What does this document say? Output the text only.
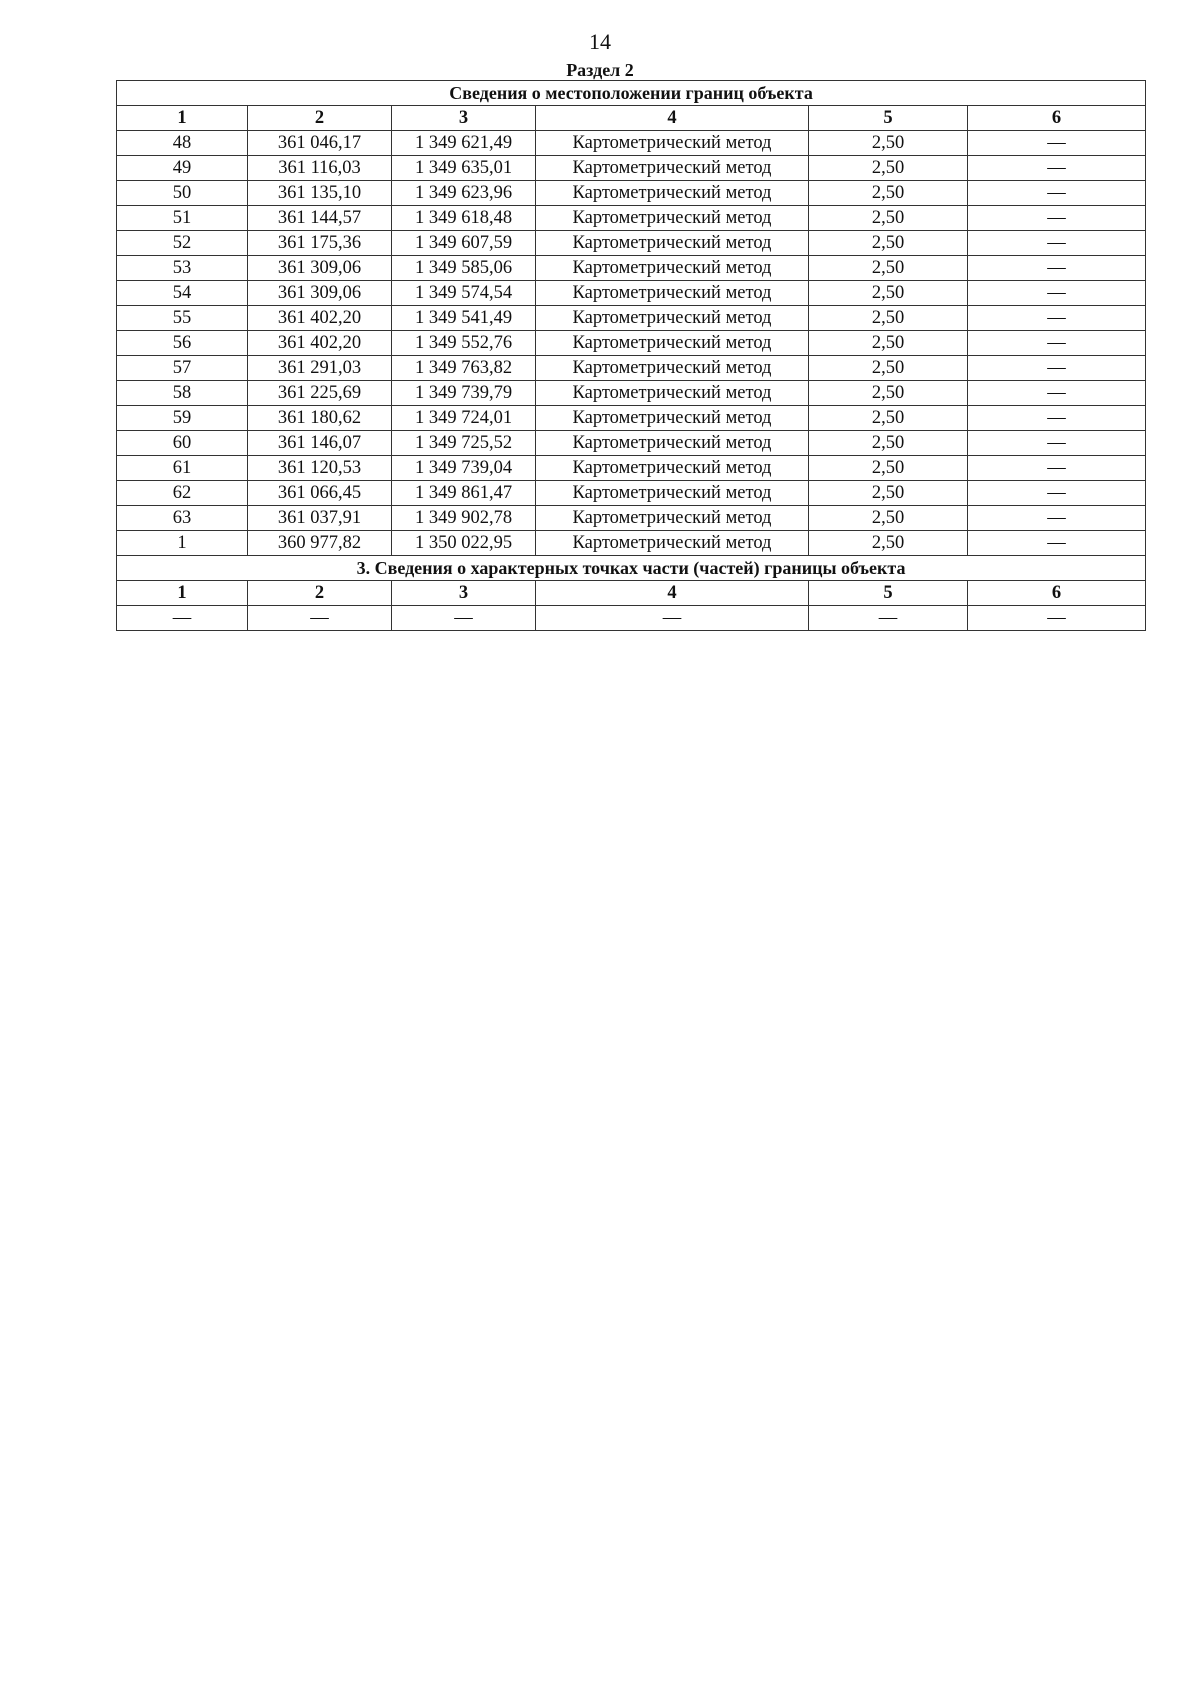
14
Раздел 2
Сведения о местоположении границ объекта					
1	2	3	4	5	6
48	361 046,17	1 349 621,49	Картометрический метод	2,50	—
49	361 116,03	1 349 635,01	Картометрический метод	2,50	—
50	361 135,10	1 349 623,96	Картометрический метод	2,50	—
51	361 144,57	1 349 618,48	Картометрический метод	2,50	—
52	361 175,36	1 349 607,59	Картометрический метод	2,50	—
53	361 309,06	1 349 585,06	Картометрический метод	2,50	—
54	361 309,06	1 349 574,54	Картометрический метод	2,50	—
55	361 402,20	1 349 541,49	Картометрический метод	2,50	—
56	361 402,20	1 349 552,76	Картометрический метод	2,50	—
57	361 291,03	1 349 763,82	Картометрический метод	2,50	—
58	361 225,69	1 349 739,79	Картометрический метод	2,50	—
59	361 180,62	1 349 724,01	Картометрический метод	2,50	—
60	361 146,07	1 349 725,52	Картометрический метод	2,50	—
61	361 120,53	1 349 739,04	Картометрический метод	2,50	—
62	361 066,45	1 349 861,47	Картометрический метод	2,50	—
63	361 037,91	1 349 902,78	Картометрический метод	2,50	—
1	360 977,82	1 350 022,95	Картометрический метод	2,50	—
3. Сведения о характерных точках части (частей) границы объекта					
1	2	3	4	5	6
—	—	—	—	—	—
